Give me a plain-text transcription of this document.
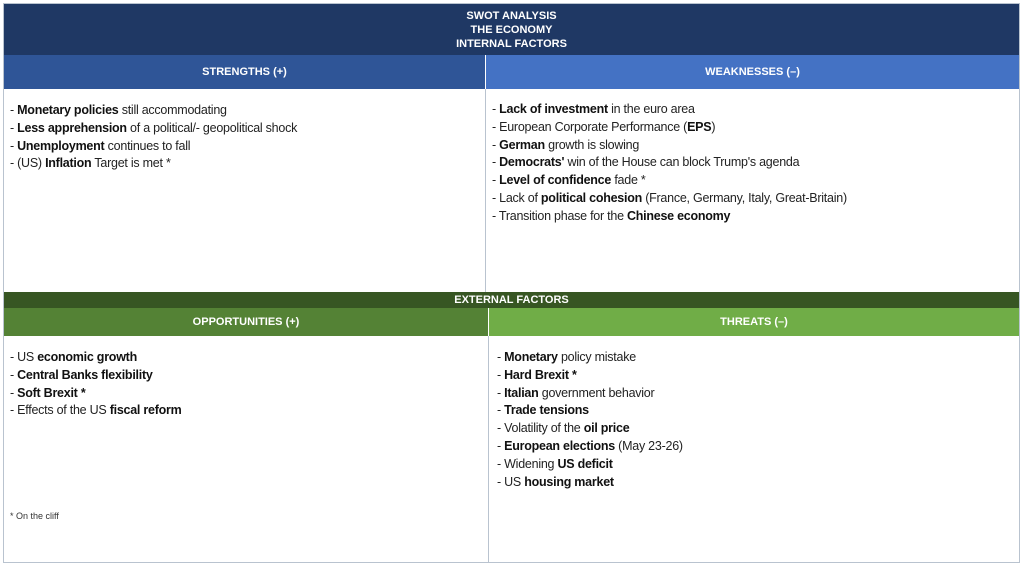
SWOT ANALYSIS
THE ECONOMY
INTERNAL FACTORS
STRENGTHS (+)	WEAKNESSES (–)
- Monetary policies still accommodating
- Less apprehension of a political/- geopolitical shock
- Unemployment continues to fall
- (US) Inflation Target is met *
- Lack of investment in the euro area
- European Corporate Performance (EPS)
- German growth is slowing
- Democrats' win of the House can block Trump's agenda
- Level of confidence fade *
- Lack of political cohesion (France, Germany, Italy, Great-Britain)
- Transition phase for the Chinese economy
EXTERNAL FACTORS
OPPORTUNITIES (+)	THREATS (–)
- US economic growth
- Central Banks flexibility
- Soft Brexit *
- Effects of the US fiscal reform
* On the cliff
- Monetary policy mistake
- Hard Brexit *
- Italian government behavior
- Trade tensions
- Volatility of the oil price
- European elections (May 23-26)
- Widening US deficit
- US housing market
